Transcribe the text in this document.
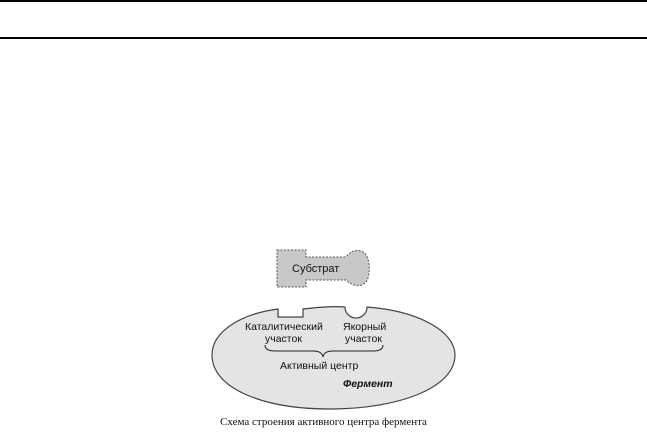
Субстрат
Каталитический
участок
Якорный
участок
Активный центр
Фермент
Схема строения активного центра фермента
